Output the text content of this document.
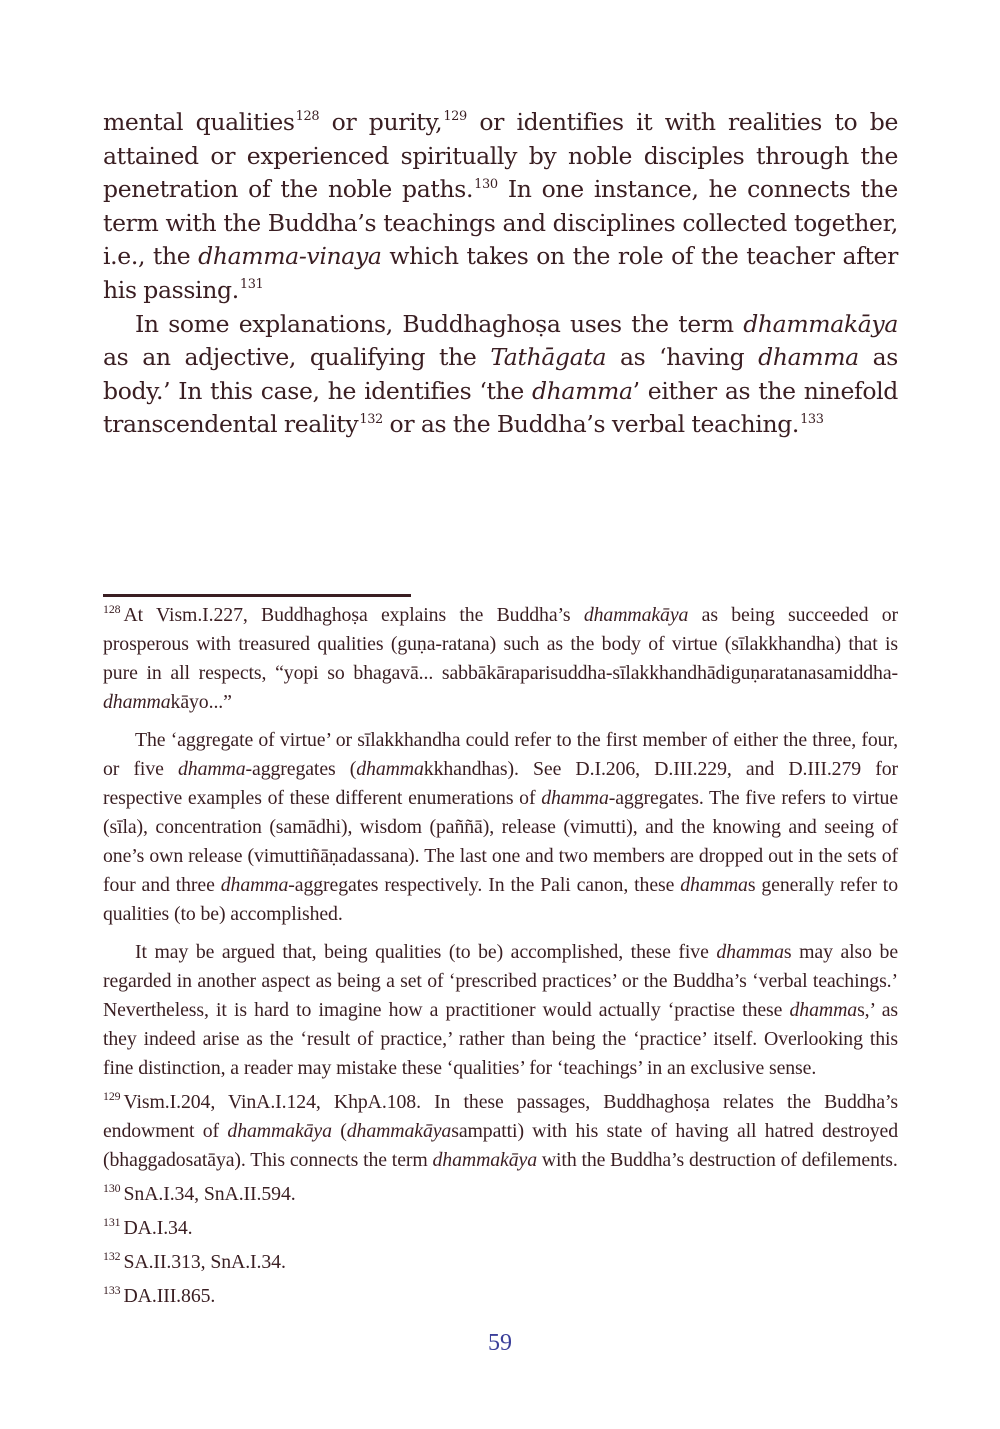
mental qualities$^{128}$ or purity,$^{129}$ or identifies it with realities to be attained or experienced spiritually by noble disciples through the penetration of the noble paths.$^{130}$ In one instance, he connects the term with the Buddha’s teachings and disciplines collected together, i.e., the dhamma-vinaya which takes on the role of the teacher after his passing.$^{131}$

In some explanations, Buddhaghoṣa uses the term dhammakāya as an adjective, qualifying the Tathāgata as ‘having dhamma as body.’ In this case, he identifies ‘the dhamma’ either as the ninefold transcendental reality$^{132}$ or as the Buddha’s verbal teaching.$^{133}$

$^{128}$ At Vism.I.227, Buddhaghoṣa explains the Buddha’s dhammakāya as being succeeded or prosperous with treasured qualities (guṇa-ratana) such as the body of virtue (sīlakkhandha) that is pure in all respects, “yopi so bhagavā... sabbākāraparisuddha-sīlakkhandhādiguṇaratanasamiddha-dhammakāyo...”

The ‘aggregate of virtue’ or sīlakkhandha could refer to the first member of either the three, four, or five dhamma-aggregates (dhammakkhandhas). See D.I.206, D.III.229, and D.III.279 for respective examples of these different enumerations of dhamma-aggregates. The five refers to virtue (sīla), concentration (samādhi), wisdom (paññā), release (vimutti), and the knowing and seeing of one’s own release (vimuttiñāṇadassana). The last one and two members are dropped out in the sets of four and three dhamma-aggregates respectively. In the Pali canon, these dhammas generally refer to qualities (to be) accomplished.

It may be argued that, being qualities (to be) accomplished, these five dhammas may also be regarded in another aspect as being a set of ‘prescribed practices’ or the Buddha’s ‘verbal teachings.’ Nevertheless, it is hard to imagine how a practitioner would actually ‘practise these dhammas,’ as they indeed arise as the ‘result of practice,’ rather than being the ‘practice’ itself. Overlooking this fine distinction, a reader may mistake these ‘qualities’ for ‘teachings’ in an exclusive sense.

$^{129}$ Vism.I.204, VinA.I.124, KhpA.108. In these passages, Buddhaghoṣa relates the Buddha’s endowment of dhammakāya (dhammakāyasampatti) with his state of having all hatred destroyed (bhaggadosatāya). This connects the term dhammakāya with the Buddha’s destruction of defilements.

$^{130}$ SnA.I.34, SnA.II.594.

$^{131}$ DA.I.34.

$^{132}$ SA.II.313, SnA.I.34.

$^{133}$ DA.III.865.

59
